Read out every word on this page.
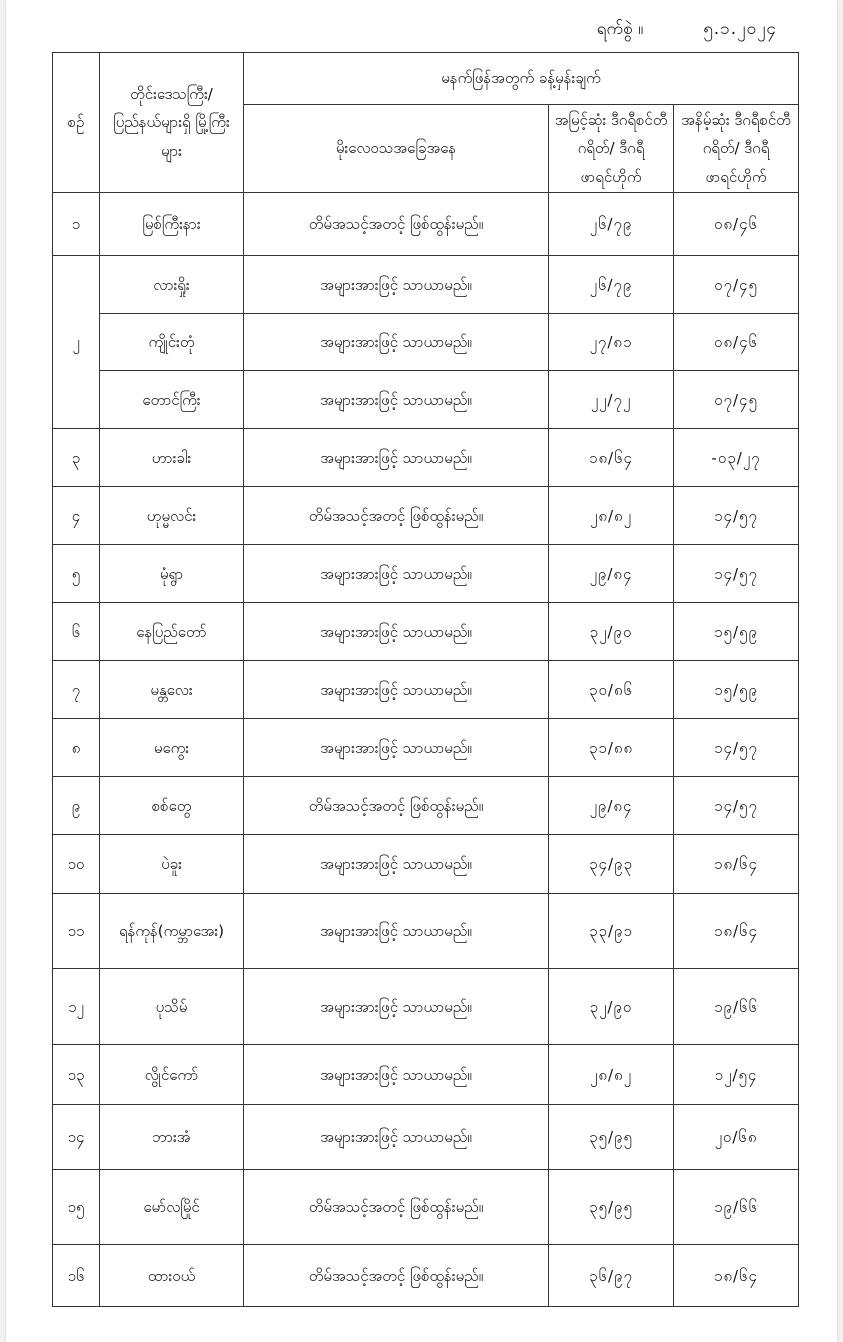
ရက်စွဲ ။	၅.၁.၂၀၂၄
စဉ်	တိုင်းဒေသကြီး/ ပြည်နယ်များရှိ မြို့ကြီးများ	မနက်ဖြန်အတွက် ခန့်မှန်းချက်		
		မိုးလေဝသအခြေအနေ	အမြင့်ဆုံး ဒီဂရီစင်တီဂရိတ်/ ဒီဂရီဖာရင်ဟိုက်	အနိမ့်ဆုံး ဒီဂရီစင်တီဂရိတ်/ ဒီဂရီဖာရင်ဟိုက်
၁	မြစ်ကြီးနား	တိမ်အသင့်အတင့် ဖြစ်ထွန်းမည်။	၂၆/၇၉	၀၈/၄၆
၂	လားရှိုး	အများအားဖြင့် သာယာမည်။	၂၆/၇၉	၀၇/၄၅
	ကျိုင်းတုံ	အများအားဖြင့် သာယာမည်။	၂၇/၈၁	၀၈/၄၆
	တောင်ကြီး	အများအားဖြင့် သာယာမည်။	၂၂/၇၂	၀၇/၄၅
၃	ဟားခါး	အများအားဖြင့် သာယာမည်။	၁၈/၆၄	-၀၃/၂၇
၄	ဟုမ္မလင်း	တိမ်အသင့်အတင့် ဖြစ်ထွန်းမည်။	၂၈/၈၂	၁၄/၅၇
၅	မုံရွာ	အများအားဖြင့် သာယာမည်။	၂၉/၈၄	၁၄/၅၇
၆	နေပြည်တော်	အများအားဖြင့် သာယာမည်။	၃၂/၉၀	၁၅/၅၉
၇	မန္တလေး	အများအားဖြင့် သာယာမည်။	၃၀/၈၆	၁၅/၅၉
၈	မကွေး	အများအားဖြင့် သာယာမည်။	၃၁/၈၈	၁၄/၅၇
၉	စစ်တွေ	တိမ်အသင့်အတင့် ဖြစ်ထွန်းမည်။	၂၉/၈၄	၁၄/၅၇
၁၀	ပဲခူး	အများအားဖြင့် သာယာမည်။	၃၄/၉၃	၁၈/၆၄
၁၁	ရန်ကုန်(ကမ္ဘာအေး)	အများအားဖြင့် သာယာမည်။	၃၃/၉၁	၁၈/၆၄
၁၂	ပုသိမ်	အများအားဖြင့် သာယာမည်။	၃၂/၉၀	၁၉/၆၆
၁၃	လွိုင်ကော်	အများအားဖြင့် သာယာမည်။	၂၈/၈၂	၁၂/၅၄
၁၄	ဘားအံ	အများအားဖြင့် သာယာမည်။	၃၅/၉၅	၂၀/၆၈
၁၅	မော်လမြိုင်	တိမ်အသင့်အတင့် ဖြစ်ထွန်းမည်။	၃၅/၉၅	၁၉/၆၆
၁၆	ထားဝယ်	တိမ်အသင့်အတင့် ဖြစ်ထွန်းမည်။	၃၆/၉၇	၁၈/၆၄
